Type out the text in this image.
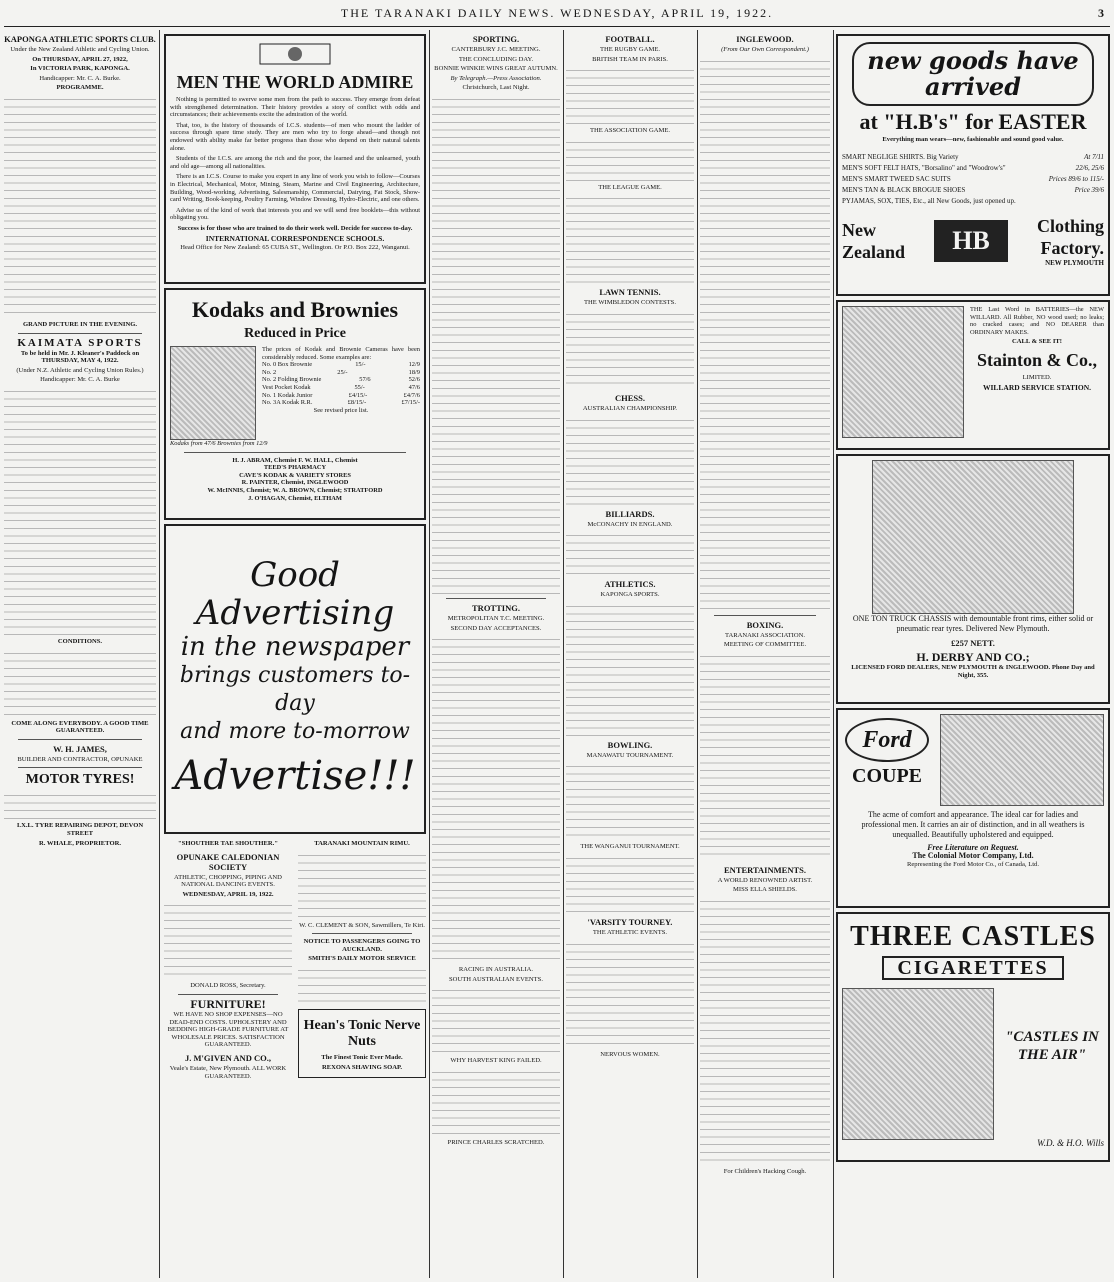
THE TARANAKI DAILY NEWS. WEDNESDAY, APRIL 19, 1922.	3
KAPONGA ATHLETIC SPORTS CLUB.
Under the New Zealand Athletic and Cycling Union.
On THURSDAY, APRIL 27, 1922,
In VICTORIA PARK, KAPONGA.
Handicapper: Mr. C. A. Burke.
PROGRAMME.
GRAND PICTURE IN THE EVENING.
KAIMATA SPORTS
To be held in Mr. J. Kleaner's Paddock on THURSDAY, MAY 4, 1922.
(Under N.Z. Athletic and Cycling Union Rules.)
Handicapper: Mr. C. A. Burke
CONDITIONS.
COME ALONG EVERYBODY. A GOOD TIME GUARANTEED.
W. H. JAMES,
BUILDER AND CONTRACTOR, OPUNAKE
MOTOR TYRES!
I.X.L. TYRE REPAIRING DEPOT, DEVON STREET
R. WHALE, PROPRIETOR.
MEN THE WORLD ADMIRE

Nothing is permitted to swerve some men from the path to success. They emerge from defeat with strengthened determination. Their history provides a story of conflict with odds and circumstances; their achievements excite the admiration of the world.

That, too, is the history of thousands of I.C.S. students—of men who mount the ladder of success through spare time study. They are men who try to forge ahead—and though not endowed with ability make far better progress than those who depend on their natural talents alone.

Students of the I.C.S. are among the rich and the poor, the learned and the unlearned, youth and old age—among all nationalities.

There is an I.C.S. Course to make you expert in any line of work you wish to follow—Courses in Electrical, Mechanical, Motor, Mining, Steam, Marine and Civil Engineering, Architecture, Building, Wood-working, Advertising, Salesmanship, Commercial, Dairying, Fat Stock, Show-card Writing, Book-keeping, Poultry Farming, Window Dressing, Hydro-Electric, and one others.

Advise us of the kind of work that interests you and we will send free booklets—this without obligating you.

Success is for those who are trained to do their work well. Decide for success to-day.
INTERNATIONAL CORRESPONDENCE SCHOOLS.
Head Office for New Zealand: 65 CUBA ST., Wellington. Or P.O. Box 222, Wanganui.
Kodaks and Brownies
Reduced in Price
The prices of Kodak and Brownie Cameras have been considerably reduced. Some examples are:
No. 0 Box Brownie	15/-	12/9
No. 2	25/-	18/9
No. 2 Folding Brownie	57/6	52/6
Vest Pocket Kodak	55/-	47/6
No. 1 Kodak Junior	£4/15/-	£4/7/6
No. 3A Kodak R.R.	£8/15/-	£7/15/-
See revised price list.
Kodaks from 47/6 Brownies from 12/9
H. J. ABRAM, Chemist F. W. HALL, Chemist
TEED'S PHARMACY
CAVE'S KODAK & VARIETY STORES
R. PAINTER, Chemist, INGLEWOOD
W. McINNIS, Chemist; W. A. BROWN, Chemist; STRATFORD
J. O'HAGAN, Chemist, ELTHAM
Good Advertising
in the newspaper
brings customers to-day
and more to-morrow
Advertise!!!
"SHOUTHER TAE SHOUTHER."
OPUNAKE CALEDONIAN SOCIETY
ATHLETIC, CHOPPING, PIPING AND NATIONAL DANCING EVENTS.
WEDNESDAY, APRIL 19, 1922.
DONALD ROSS, Secretary.
FURNITURE!
WE HAVE NO SHOP EXPENSES—NO DEAD-END COSTS. UPHOLSTERY AND BEDDING HIGH-GRADE FURNITURE AT WHOLESALE PRICES. SATISFACTION GUARANTEED.
J. M'GIVEN AND CO.,
Veale's Estate, New Plymouth. ALL WORK GUARANTEED.
TARANAKI MOUNTAIN RIMU.
W. C. CLEMENT & SON, Sawmillers, Te Kiri.
NOTICE TO PASSENGERS GOING TO AUCKLAND.
SMITH'S DAILY MOTOR SERVICE
Hean's Tonic Nerve Nuts
The Finest Tonic Ever Made.
REXONA SHAVING SOAP.
SPORTING.
CANTERBURY J.C. MEETING.
THE CONCLUDING DAY.
BONNIE WINKIE WINS GREAT AUTUMN.
By Telegraph.—Press Association.
Christchurch, Last Night.
TROTTING.
METROPOLITAN T.C. MEETING.
SECOND DAY ACCEPTANCES.
RACING IN AUSTRALIA.
SOUTH AUSTRALIAN EVENTS.
WHY HARVEST KING FAILED.
PRINCE CHARLES SCRATCHED.
FOOTBALL.
THE RUGBY GAME.
BRITISH TEAM IN PARIS.
THE ASSOCIATION GAME.
THE LEAGUE GAME.
LAWN TENNIS.
THE WIMBLEDON CONTESTS.
CHESS.
AUSTRALIAN CHAMPIONSHIP.
BILLIARDS.
McCONACHY IN ENGLAND.
ATHLETICS.
KAPONGA SPORTS.
BOWLING.
MANAWATU TOURNAMENT.
THE WANGANUI TOURNAMENT.
'VARSITY TOURNEY.
THE ATHLETIC EVENTS.
NERVOUS WOMEN.
INGLEWOOD.
(From Our Own Correspondent.)
BOXING.
TARANAKI ASSOCIATION.
MEETING OF COMMITTEE.
ENTERTAINMENTS.
A WORLD RENOWNED ARTIST.
MISS ELLA SHIELDS.
For Children's Hacking Cough.
new goods have arrived
at "H.B's" for EASTER
Everything man wears—new, fashionable and sound good value.
SMART NEGLIGE SHIRTS. Big Variety	At 7/11
MEN'S SOFT FELT HATS, "Borsalino" and "Woodrow's"	22/6, 25/6
MEN'S SMART TWEED SAC SUITS	Prices 89/6 to 115/-
MEN'S TAN & BLACK BROGUE SHOES	Price 39/6
PYJAMAS, SOX, TIES, Etc., all New Goods, just opened up.
New
Zealand	HB
Clothing
Factory.
NEW PLYMOUTH
THE Last Word in BATTERIES—the NEW WILLARD. All Rubber, NO wood used; no leaks; no cracked cases; and NO DEARER than ORDINARY MAKES.
CALL & SEE IT!
Stainton & Co.,
LIMITED.
WILLARD SERVICE STATION.
ONE TON TRUCK CHASSIS with demountable front rims, either solid or pneumatic rear tyres. Delivered New Plymouth.
£257 NETT.
H. DERBY AND CO.;
LICENSED FORD DEALERS, NEW PLYMOUTH & INGLEWOOD. Phone Day and Night, 355.
Ford
COUPE
The acme of comfort and appearance. The ideal car for ladies and professional men. It carries an air of distinction, and in all weathers is unequalled. Beautifully upholstered and equipped.
Free Literature on Request.
The Colonial Motor Company, Ltd.
Representing the Ford Motor Co., of Canada, Ltd.
THREE CASTLES
CIGARETTES
"CASTLES IN THE AIR"
W.D. & H.O. Wills
